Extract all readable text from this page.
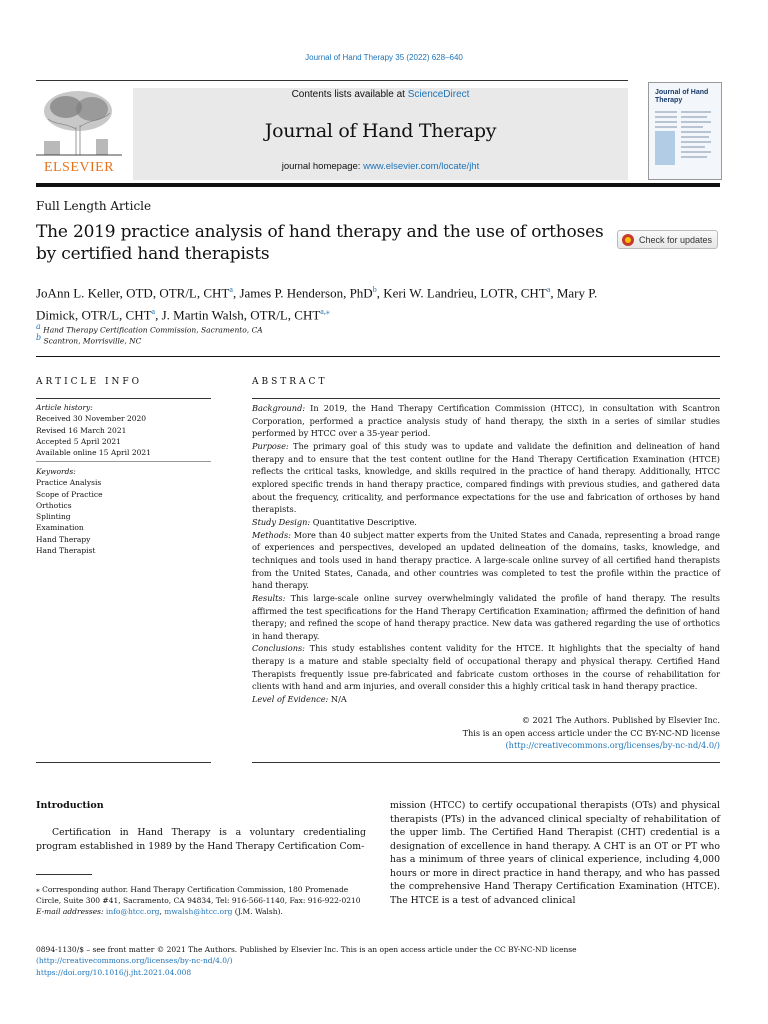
Journal of Hand Therapy 35 (2022) 628–640
ELSEVIER
Contents lists available at ScienceDirect
Journal of Hand Therapy
journal homepage: www.elsevier.com/locate/jht
Journal of Hand Therapy
Full Length Article
The 2019 practice analysis of hand therapy and the use of orthoses by certified hand therapists
Check for updates
JoAnn L. Keller, OTD, OTR/L, CHT$^a$, James P. Henderson, PhD$^b$, Keri W. Landrieu, LOTR, CHT$^a$, Mary P. Dimick, OTR/L, CHT$^a$, J. Martin Walsh, OTR/L, $CHT^{a,⁎}$
$^a$ Hand Therapy Certification Commission, Sacramento, CA
$^b$ Scantron, Morrisville, NC
ARTICLE INFO
Article history:
Received 30 November 2020
Revised 16 March 2021
Accepted 5 April 2021
Available online 15 April 2021
Keywords:
Practice Analysis
Scope of Practice
Orthotics
Splinting
Examination
Hand Therapy
Hand Therapist
ABSTRACT
Background: In 2019, the Hand Therapy Certification Commission (HTCC), in consultation with Scantron Corporation, performed a practice analysis study of hand therapy, the sixth in a series of similar studies performed by HTCC over a 35-year period.
Purpose: The primary goal of this study was to update and validate the definition and delineation of hand therapy and to ensure that the test content outline for the Hand Therapy Certification Examination (HTCE) reflects the critical tasks, knowledge, and skills required in the practice of hand therapy. Additionally, HTCC explored specific trends in hand therapy practice, compared findings with previous studies, and gathered data about the frequency, criticality, and performance expectations for the use and fabrication of orthoses by hand therapists.
Study Design: Quantitative Descriptive.
Methods: More than 40 subject matter experts from the United States and Canada, representing a broad range of experiences and perspectives, developed an updated delineation of the domains, tasks, knowledge, and techniques and tools used in hand therapy practice. A large-scale online survey of all certified hand therapists from the United States, Canada, and other countries was completed to test the profile within the practice of hand therapy.
Results: This large-scale online survey overwhelmingly validated the profile of hand therapy. The results affirmed the test specifications for the Hand Therapy Certification Examination; affirmed the definition of hand therapy; and refined the scope of hand therapy practice. New data was gathered regarding the use of orthotics in hand therapy.
Conclusions: This study establishes content validity for the HTCE. It highlights that the specialty of hand therapy is a mature and stable specialty field of occupational therapy and physical therapy. Certified Hand Therapists frequently issue pre-fabricated and fabricate custom orthoses in the course of rehabilitation for clients with hand and arm injuries, and overall consider this a highly critical task in hand therapy practice.
Level of Evidence: N/A
© 2021 The Authors. Published by Elsevier Inc.
This is an open access article under the CC BY-NC-ND license
(http://creativecommons.org/licenses/by-nc-nd/4.0/)
Introduction
Certification in Hand Therapy is a voluntary credentialing program established in 1989 by the Hand Therapy Certification Com-
mission (HTCC) to certify occupational therapists (OTs) and physical therapists (PTs) in the advanced clinical specialty of rehabilitation of the upper limb. The Certified Hand Therapist (CHT) credential is a designation of excellence in hand therapy. A CHT is an OT or PT who has a minimum of three years of clinical experience, including 4,000 hours or more in direct practice in hand therapy, and who has passed the comprehensive Hand Therapy Certification Examination (HTCE). The HTCE is a test of advanced clinical
⁎ Corresponding author. Hand Therapy Certification Commission, 180 Promenade Circle, Suite 300 #41, Sacramento, CA 94834, Tel: 916-566-1140, Fax: 916-922-0210
E-mail addresses: info@htcc.org, mwalsh@htcc.org (J.M. Walsh).
0894-1130/$ – see front matter © 2021 The Authors. Published by Elsevier Inc. This is an open access article under the CC BY-NC-ND license
(http://creativecommons.org/licenses/by-nc-nd/4.0/)
https://doi.org/10.1016/j.jht.2021.04.008
